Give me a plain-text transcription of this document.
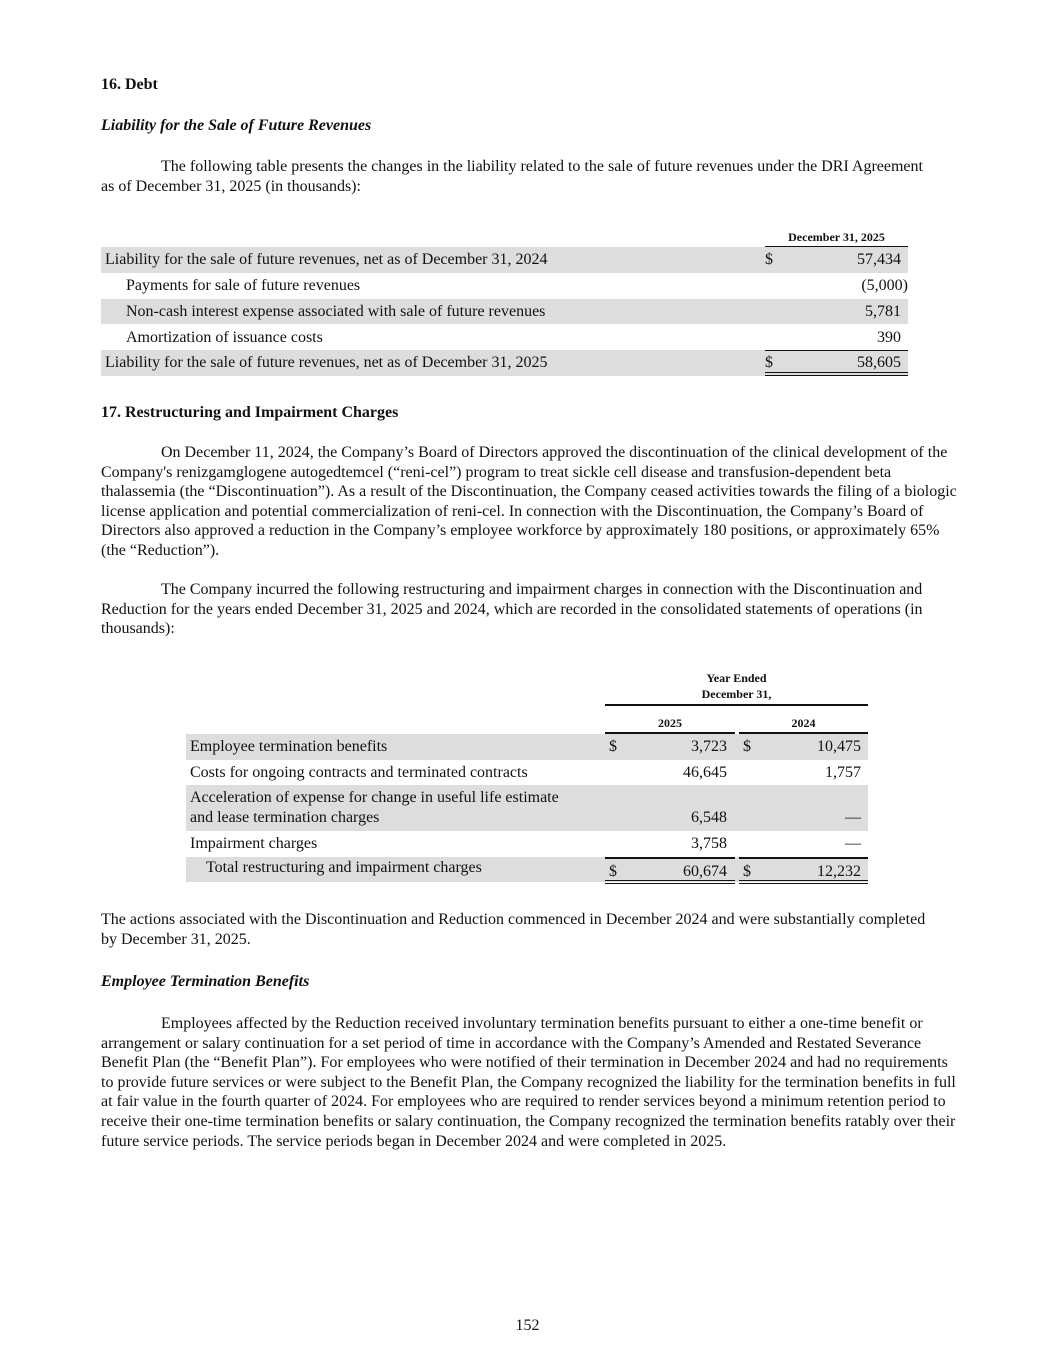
16. Debt
Liability for the Sale of Future Revenues
The following table presents the changes in the liability related to the sale of future revenues under the DRI Agreement as of December 31, 2025 (in thousands):
December 31, 2025
Liability for the sale of future revenues, net as of December 31, 2024	$	57,434
Payments for sale of future revenues	(5,000)
Non-cash interest expense associated with sale of future revenues	5,781
Amortization of issuance costs	390
Liability for the sale of future revenues, net as of December 31, 2025	$	58,605
17. Restructuring and Impairment Charges
On December 11, 2024, the Company’s Board of Directors approved the discontinuation of the clinical development of the Company's renizgamglogene autogedtemcel (“reni-cel”) program to treat sickle cell disease and transfusion-dependent beta thalassemia (the “Discontinuation”). As a result of the Discontinuation, the Company ceased activities towards the filing of a biologic license application and potential commercialization of reni-cel. In connection with the Discontinuation, the Company’s Board of Directors also approved a reduction in the Company’s employee workforce by approximately 180 positions, or approximately 65% (the “Reduction”).
The Company incurred the following restructuring and impairment charges in connection with the Discontinuation and Reduction for the years ended December 31, 2025 and 2024, which are recorded in the consolidated statements of operations (in thousands):
Year Ended
December 31,
2025	2024
Employee termination benefits	$	3,723 $	10,475
Costs for ongoing contracts and terminated contracts	46,645	1,757
Acceleration of expense for change in useful life estimate
and lease termination charges	6,548	—
Impairment charges	3,758	—
Total restructuring and impairment charges	$	60,674 $	12,232
The actions associated with the Discontinuation and Reduction commenced in December 2024 and were substantially completed by December 31, 2025.
Employee Termination Benefits
Employees affected by the Reduction received involuntary termination benefits pursuant to either a one-time benefit or arrangement or salary continuation for a set period of time in accordance with the Company’s Amended and Restated Severance Benefit Plan (the “Benefit Plan”). For employees who were notified of their termination in December 2024 and had no requirements to provide future services or were subject to the Benefit Plan, the Company recognized the liability for the termination benefits in full at fair value in the fourth quarter of 2024. For employees who are required to render services beyond a minimum retention period to receive their one-time termination benefits or salary continuation, the Company recognized the termination benefits ratably over their future service periods. The service periods began in December 2024 and were completed in 2025.
152
